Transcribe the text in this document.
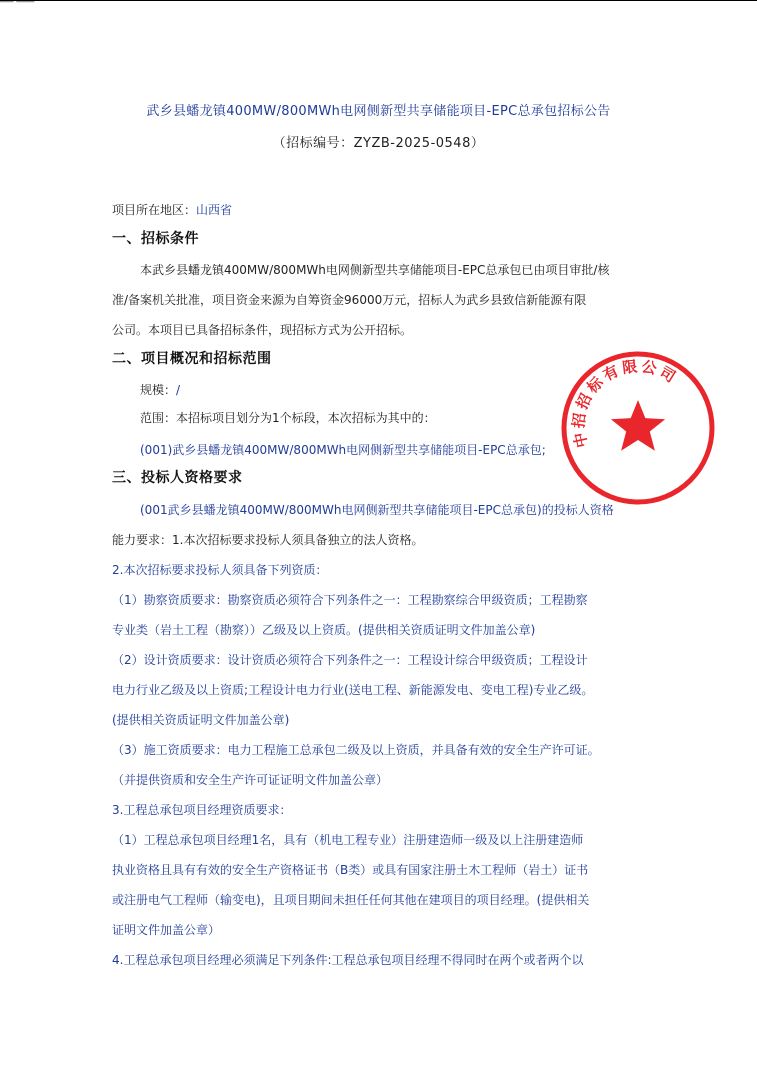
武乡县蟠龙镇400MW/800MWh电网侧新型共享储能项目-EPC总承包招标公告
（招标编号：ZYZB-2025-0548）
项目所在地区：山西省
一、招标条件
本武乡县蟠龙镇400MW/800MWh电网侧新型共享储能项目-EPC总承包已由项目审批/核
准/备案机关批准，项目资金来源为自筹资金96000万元，招标人为武乡县致信新能源有限
公司。本项目已具备招标条件，现招标方式为公开招标。
二、项目概况和招标范围
规模：/
范围：本招标项目划分为1个标段，本次招标为其中的：
(001)武乡县蟠龙镇400MW/800MWh电网侧新型共享储能项目-EPC总承包;
三、投标人资格要求
(001武乡县蟠龙镇400MW/800MWh电网侧新型共享储能项目-EPC总承包)的投标人资格
能力要求：1.本次招标要求投标人须具备独立的法人资格。
2.本次招标要求投标人须具备下列资质：
（1）勘察资质要求：勘察资质必须符合下列条件之一：工程勘察综合甲级资质；工程勘察
专业类（岩土工程（勘察））乙级及以上资质。(提供相关资质证明文件加盖公章)
（2）设计资质要求：设计资质必须符合下列条件之一：工程设计综合甲级资质；工程设计
电力行业乙级及以上资质;工程设计电力行业(送电工程、新能源发电、变电工程)专业乙级。
(提供相关资质证明文件加盖公章)
（3）施工资质要求：电力工程施工总承包二级及以上资质，并具备有效的安全生产许可证。
（并提供资质和安全生产许可证证明文件加盖公章）
3.工程总承包项目经理资质要求：
（1）工程总承包项目经理1名，具有（机电工程专业）注册建造师一级及以上注册建造师
执业资格且具有有效的安全生产资格证书（B类）或具有国家注册土木工程师（岩土）证书
或注册电气工程师（输变电)，且项目期间未担任任何其他在建项目的项目经理。(提供相关
证明文件加盖公章）
4.工程总承包项目经理必须满足下列条件:工程总承包项目经理不得同时在两个或者两个以
中招招标有限公司
